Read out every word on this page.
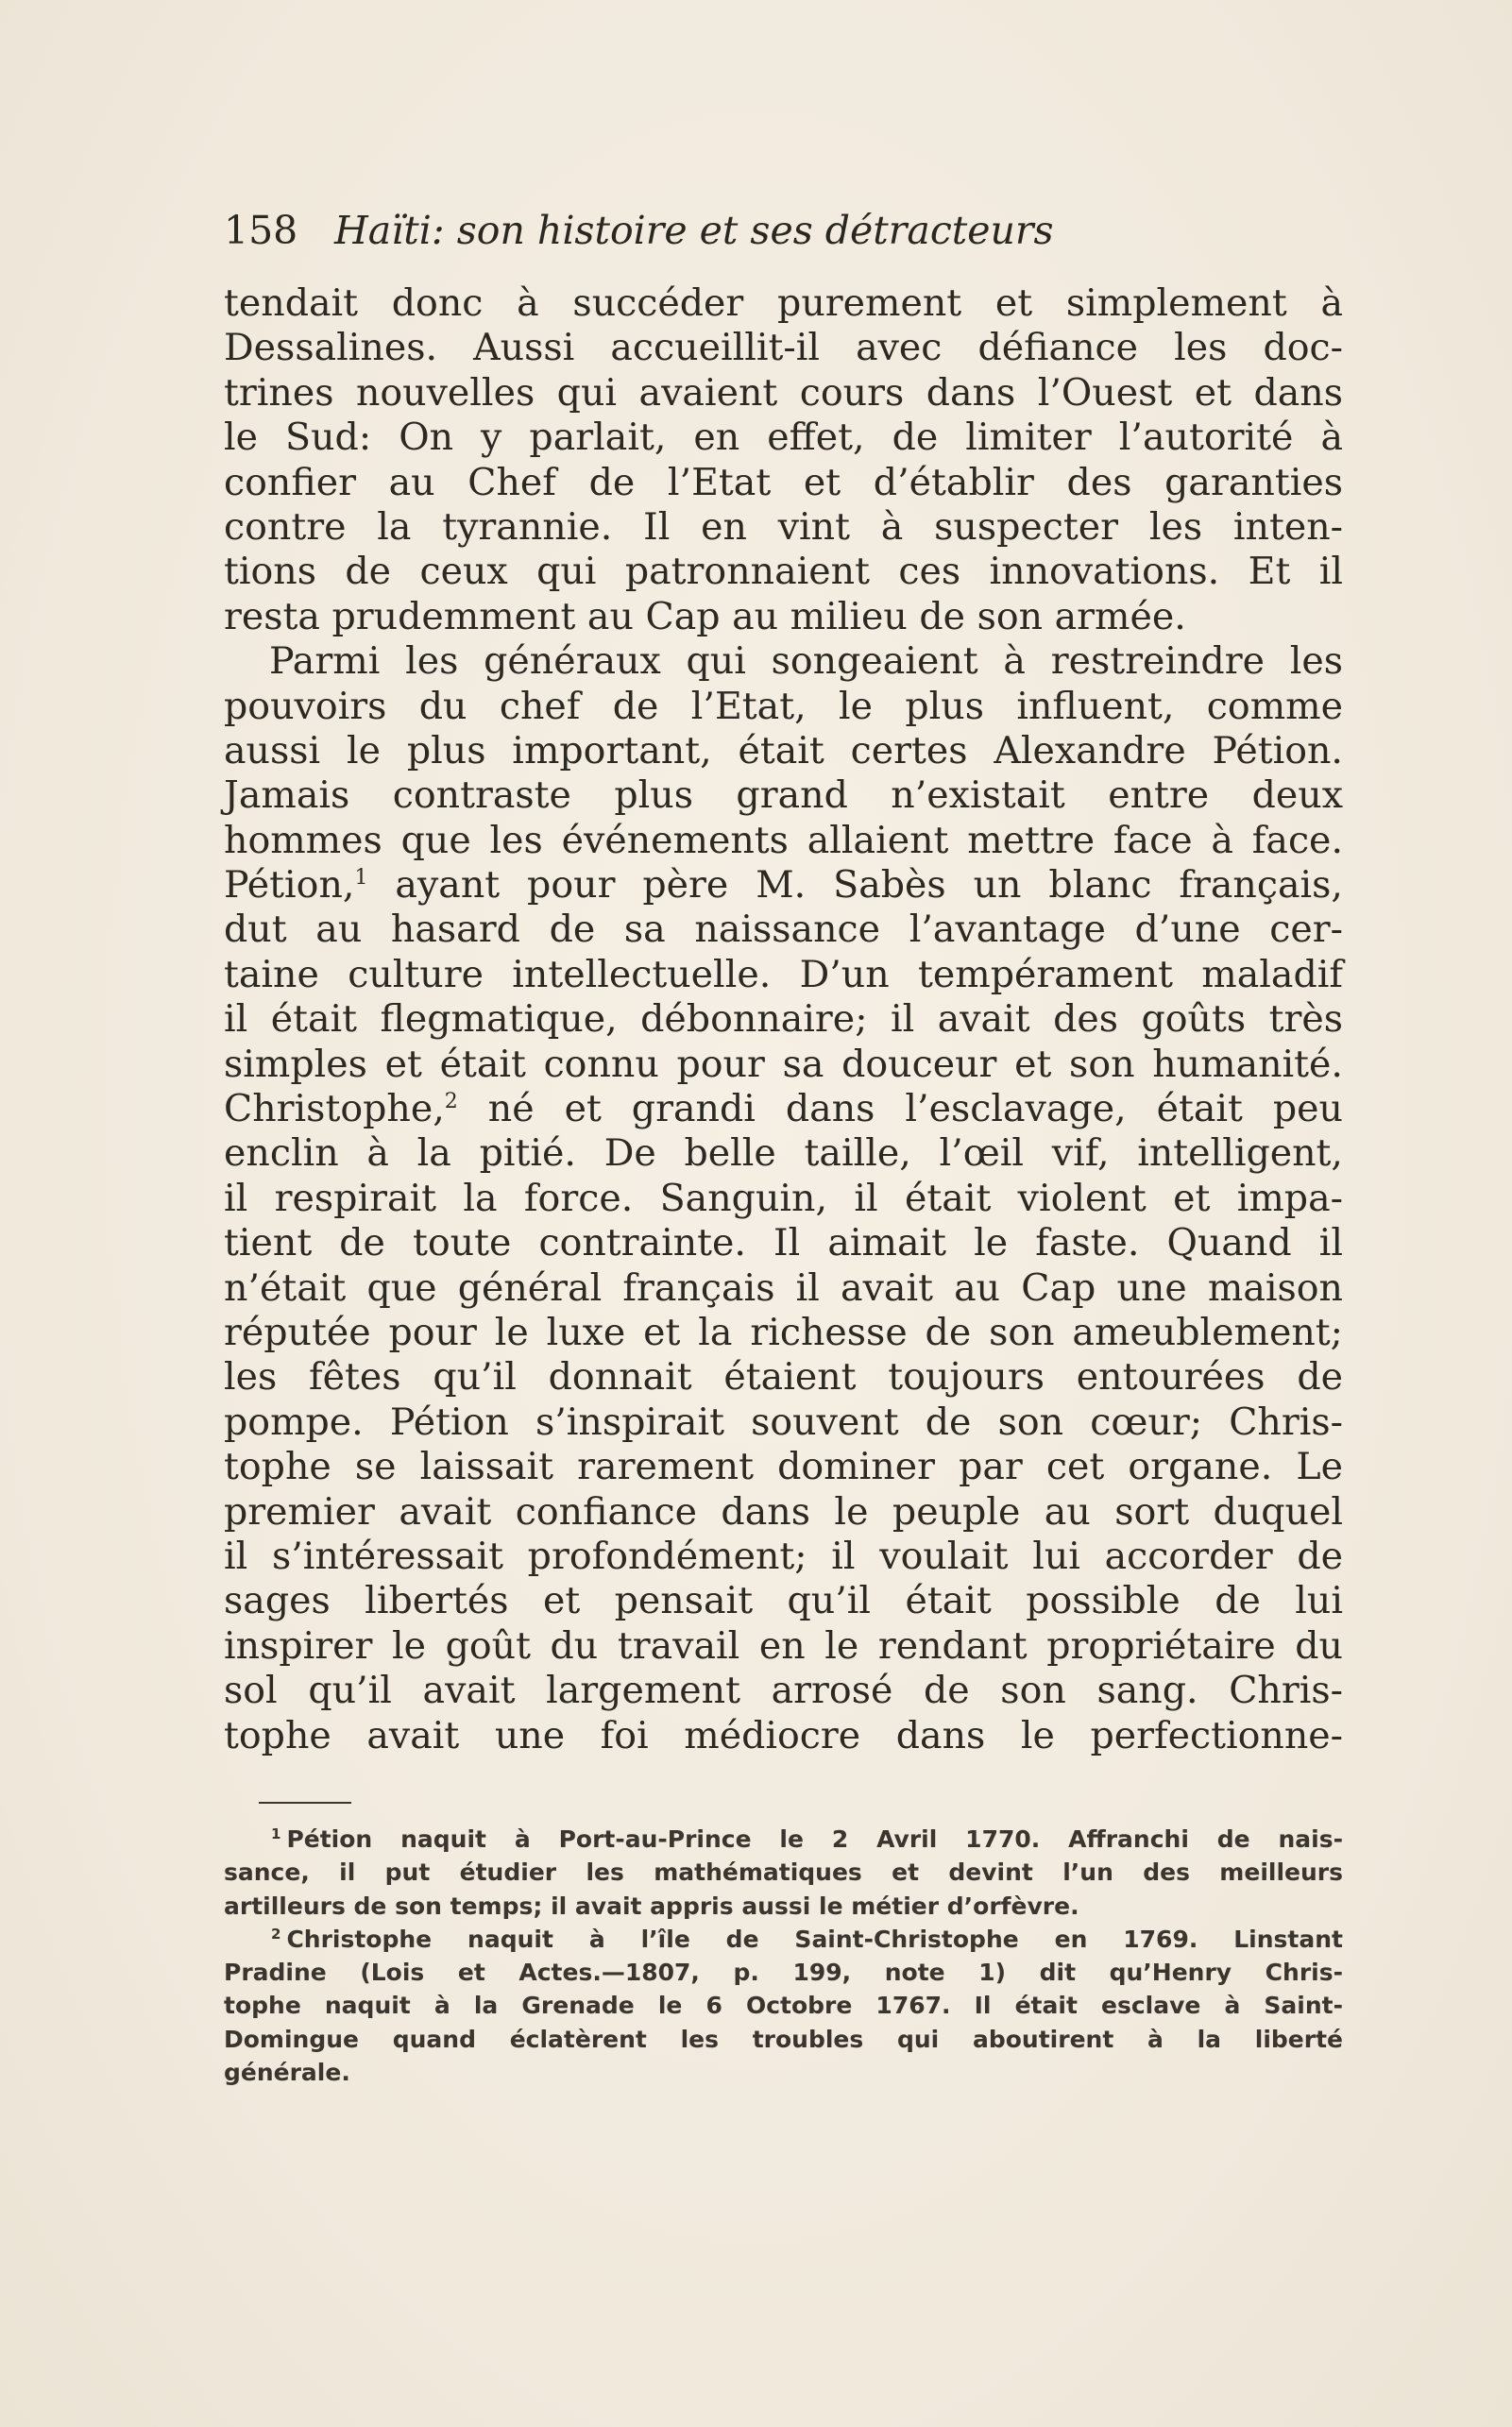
158 Haïti: son histoire et ses détracteurs
tendait donc à succéder purement et simplement à
Dessalines. Aussi accueillit-il avec défiance les doc-
trines nouvelles qui avaient cours dans l’Ouest et dans
le Sud: On y parlait, en effet, de limiter l’autorité à
confier au Chef de l’Etat et d’établir des garanties
contre la tyrannie. Il en vint à suspecter les inten-
tions de ceux qui patronnaient ces innovations. Et il
resta prudemment au Cap au milieu de son armée.
Parmi les généraux qui songeaient à restreindre les
pouvoirs du chef de l’Etat, le plus influent, comme
aussi le plus important, était certes Alexandre Pétion.
Jamais contraste plus grand n’existait entre deux
hommes que les événements allaient mettre face à face.
Pétion,$^1$ ayant pour père M. Sabès un blanc français,
dut au hasard de sa naissance l’avantage d’une cer-
taine culture intellectuelle. D’un tempérament maladif
il était flegmatique, débonnaire; il avait des goûts très
simples et était connu pour sa douceur et son humanité.
Christophe,$^2$ né et grandi dans l’esclavage, était peu
enclin à la pitié. De belle taille, l’œil vif, intelligent,
il respirait la force. Sanguin, il était violent et impa-
tient de toute contrainte. Il aimait le faste. Quand il
n’était que général français il avait au Cap une maison
réputée pour le luxe et la richesse de son ameublement;
les fêtes qu’il donnait étaient toujours entourées de
pompe. Pétion s’inspirait souvent de son cœur; Chris-
tophe se laissait rarement dominer par cet organe. Le
premier avait confiance dans le peuple au sort duquel
il s’intéressait profondément; il voulait lui accorder de
sages libertés et pensait qu’il était possible de lui
inspirer le goût du travail en le rendant propriétaire du
sol qu’il avait largement arrosé de son sang. Chris-
tophe avait une foi médiocre dans le perfectionne-
$^1$ Pétion naquit à Port-au-Prince le 2 Avril 1770. Affranchi de nais-
sance, il put étudier les mathématiques et devint l’un des meilleurs
artilleurs de son temps; il avait appris aussi le métier d’orfèvre.
$^2$ Christophe naquit à l’île de Saint-Christophe en 1769. Linstant
Pradine (Lois et Actes.—1807, p. 199, note 1) dit qu’Henry Chris-
tophe naquit à la Grenade le 6 Octobre 1767. Il était esclave à Saint-
Domingue quand éclatèrent les troubles qui aboutirent à la liberté
générale.
